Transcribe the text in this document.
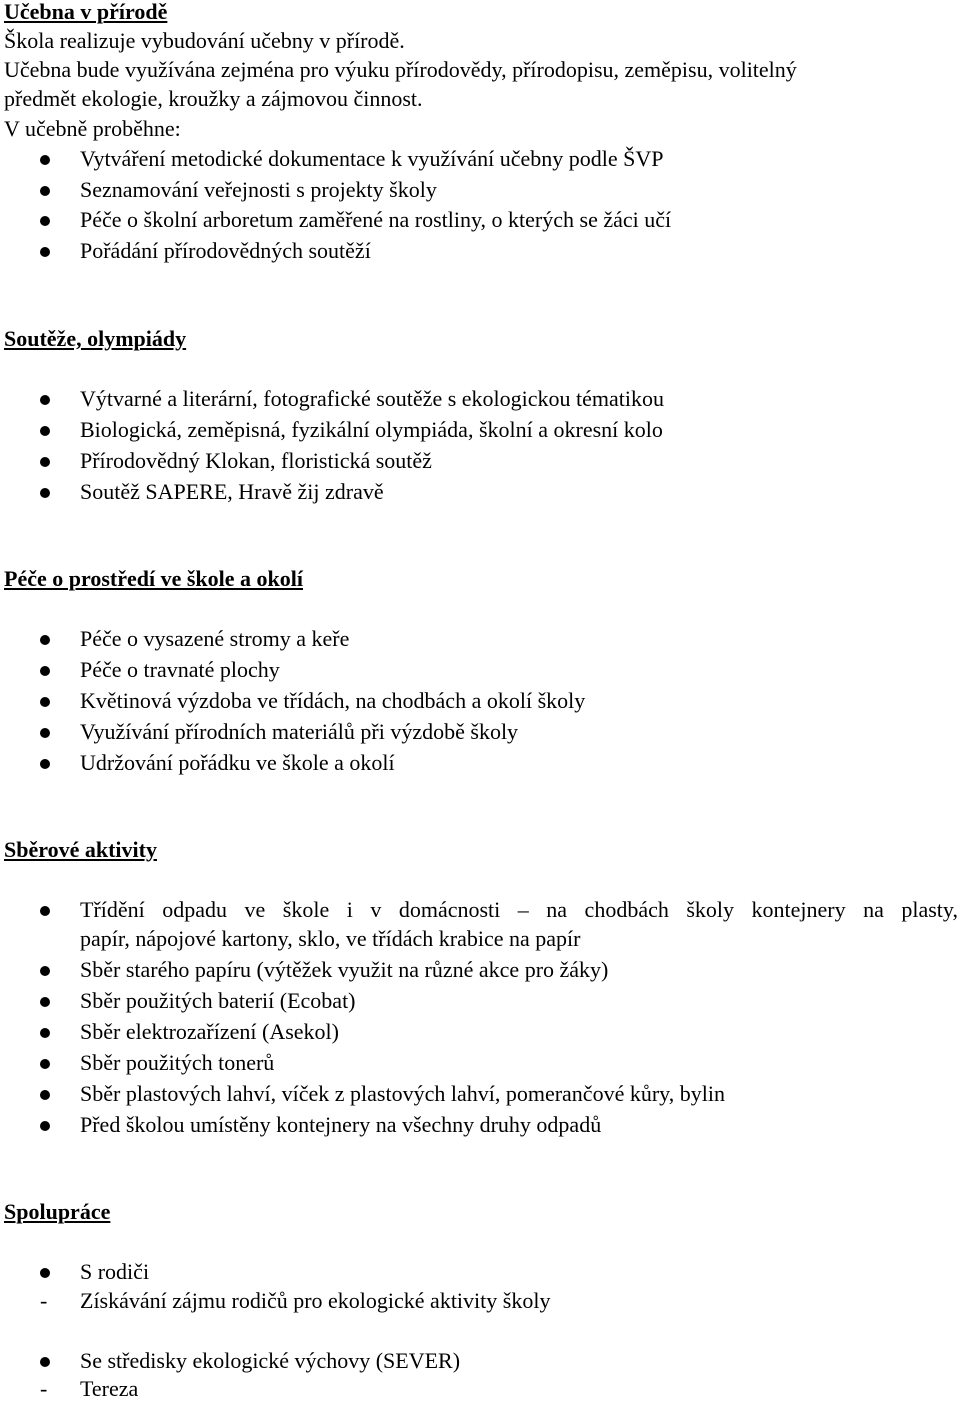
Učebna v přírodě
Škola realizuje vybudování učebny v přírodě.
Učebna bude využívána zejména pro výuku přírodovědy, přírodopisu, zeměpisu, volitelný
předmět ekologie, kroužky a zájmovou činnost.
V učebně proběhne:
Vytváření metodické dokumentace k využívání učebny podle ŠVP
Seznamování veřejnosti s projekty školy
Péče o školní arboretum zaměřené na rostliny, o kterých se žáci učí
Pořádání přírodovědných soutěží
Soutěže, olympiády
Výtvarné a literární, fotografické soutěže s ekologickou tématikou
Biologická, zeměpisná, fyzikální olympiáda, školní a okresní kolo
Přírodovědný Klokan, floristická soutěž
Soutěž SAPERE, Hravě žij zdravě
Péče o prostředí ve škole a okolí
Péče o vysazené stromy a keře
Péče o travnaté plochy
Květinová výzdoba ve třídách, na chodbách a okolí školy
Využívání přírodních materiálů při výzdobě školy
Udržování pořádku ve škole a okolí
Sběrové aktivity
Třídění odpadu ve škole i v domácnosti – na chodbách školy kontejnery na plasty,
papír, nápojové kartony, sklo, ve třídách krabice na papír
Sběr starého papíru (výtěžek využit na různé akce pro žáky)
Sběr použitých baterií (Ecobat)
Sběr elektrozařízení (Asekol)
Sběr použitých tonerů
Sběr plastových lahví, víček z plastových lahví, pomerančové kůry, bylin
Před školou umístěny kontejnery na všechny druhy odpadů
Spolupráce
S rodiči
- Získávání zájmu rodičů pro ekologické aktivity školy
Se středisky ekologické výchovy (SEVER)
- Tereza
